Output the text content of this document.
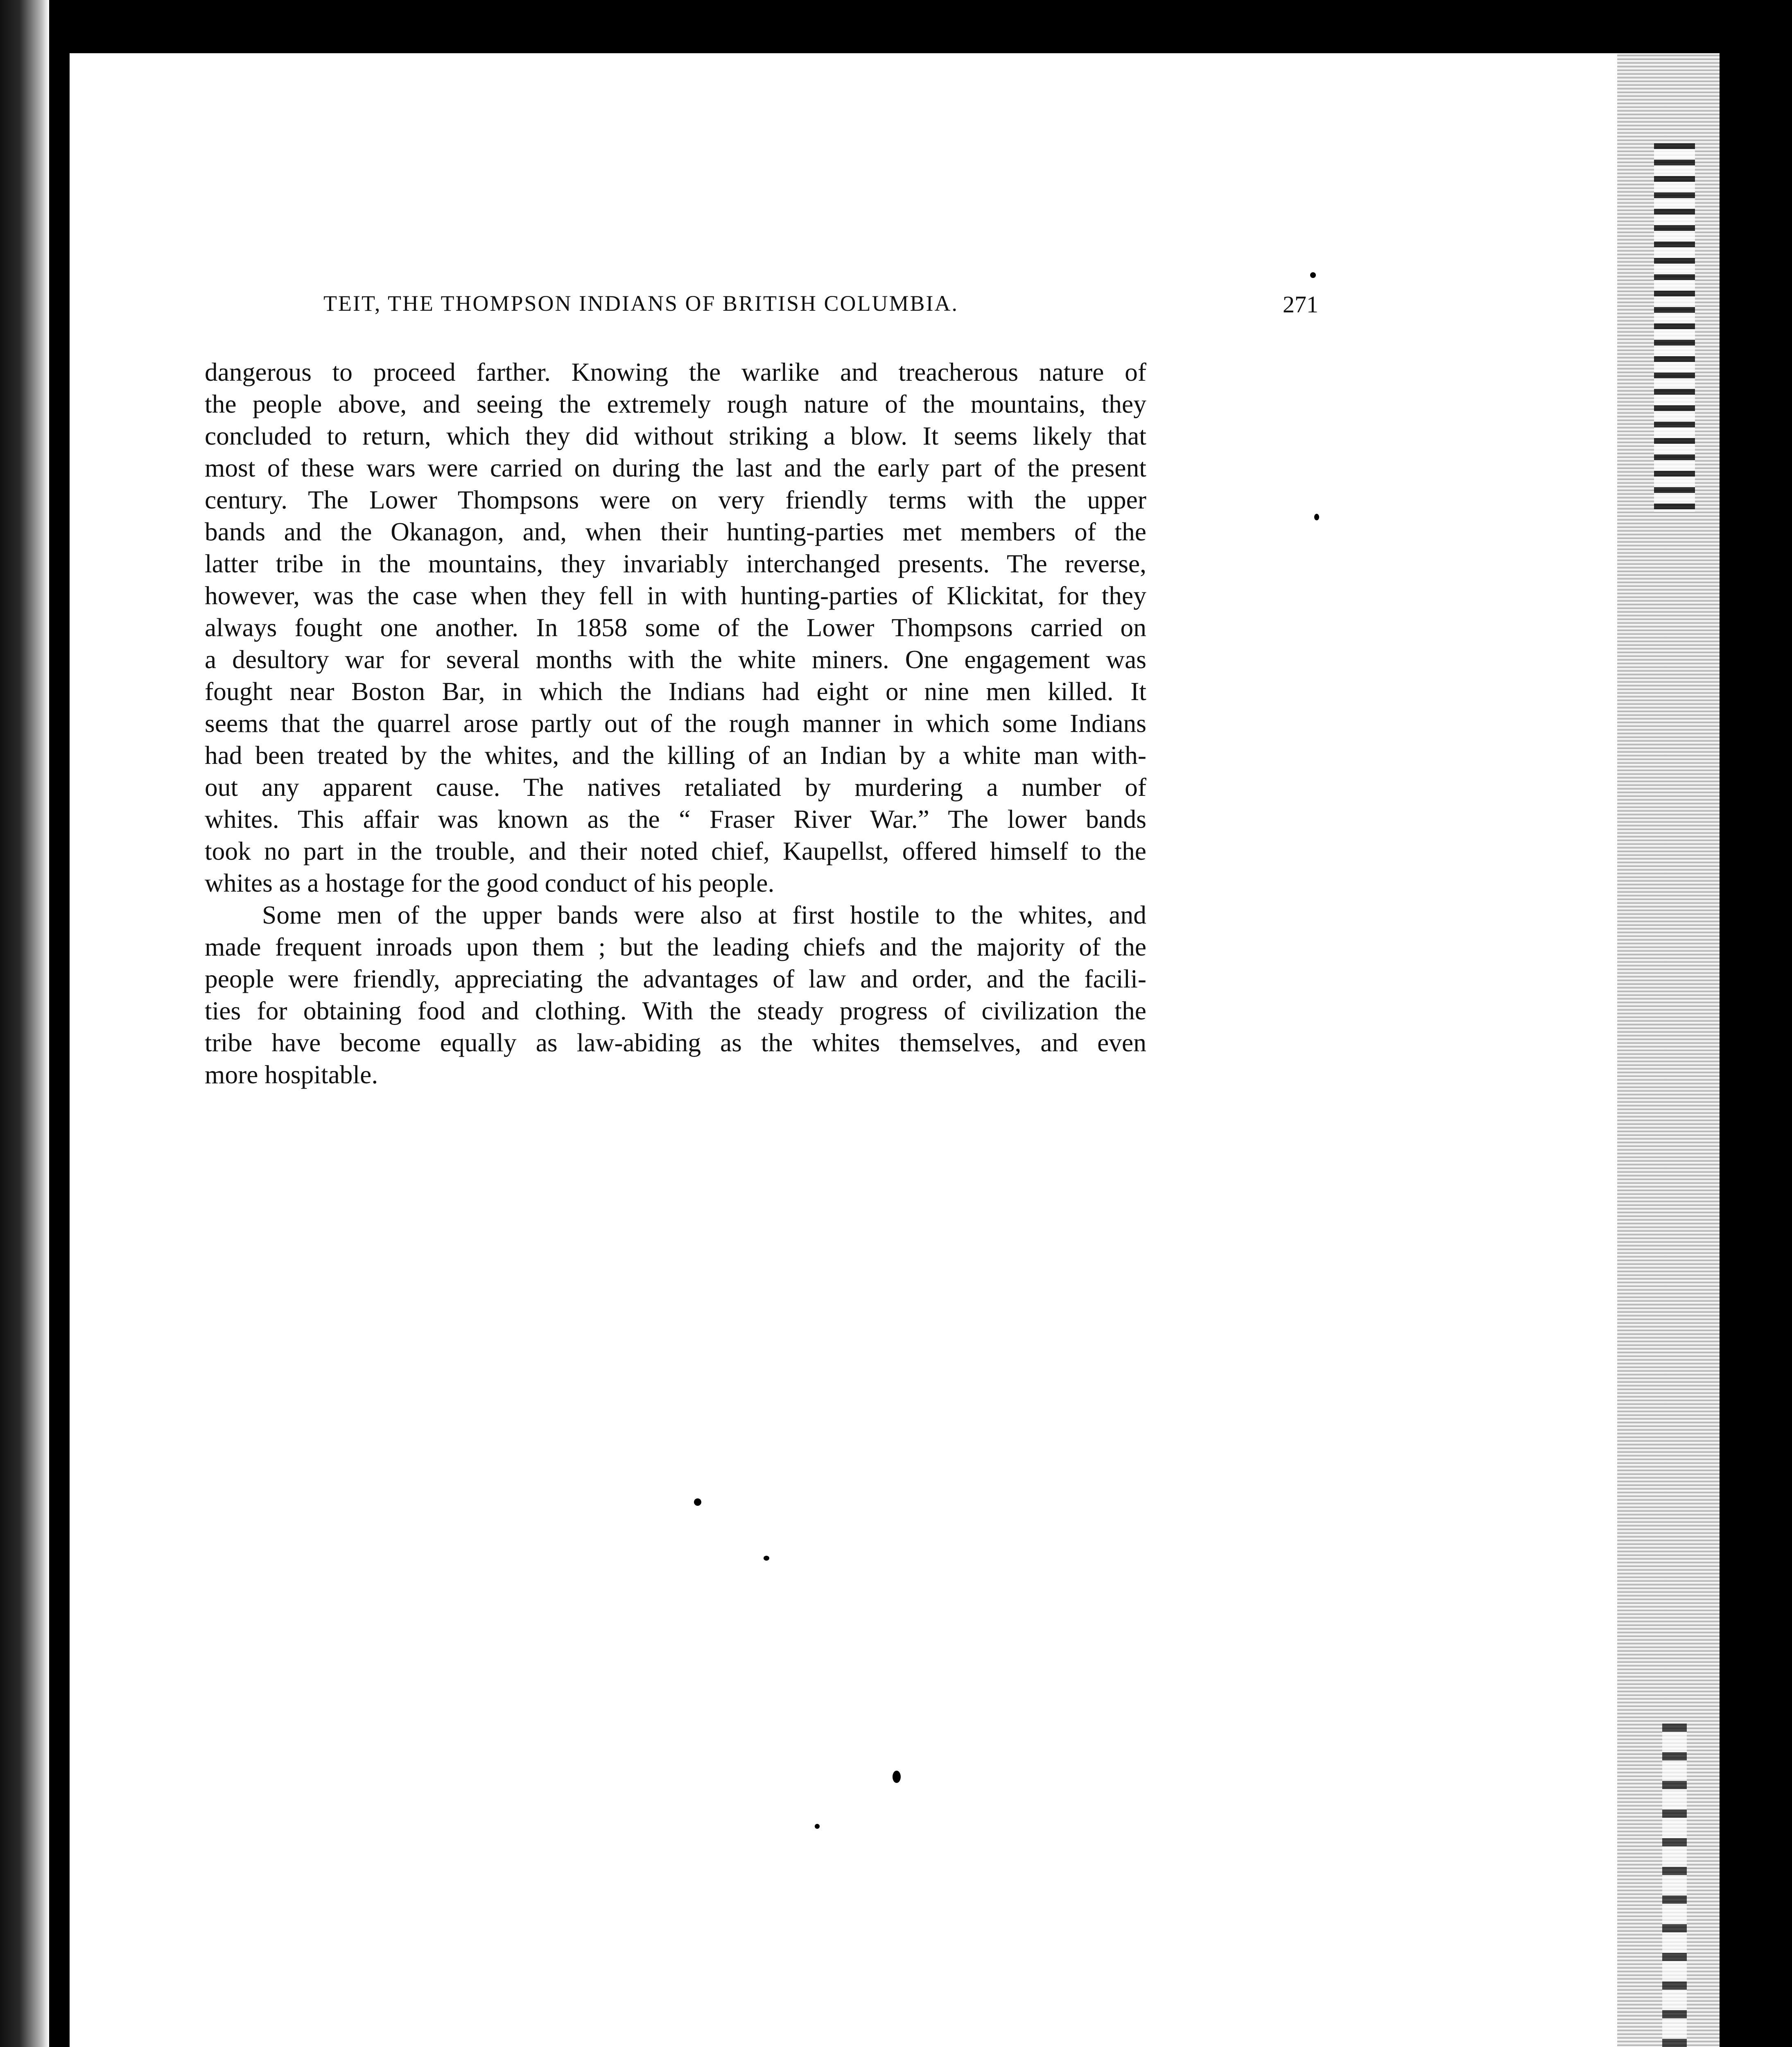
TEIT, THE THOMPSON INDIANS OF BRITISH COLUMBIA.	271
dangerous to proceed farther. Knowing the warlike and treacherous nature of
the people above, and seeing the extremely rough nature of the mountains, they
concluded to return, which they did without striking a blow. It seems likely that
most of these wars were carried on during the last and the early part of the present
century. The Lower Thompsons were on very friendly terms with the upper
bands and the Okanagon, and, when their hunting-parties met members of the
latter tribe in the mountains, they invariably interchanged presents. The reverse,
however, was the case when they fell in with hunting-parties of Klickitat, for they
always fought one another. In 1858 some of the Lower Thompsons carried on
a desultory war for several months with the white miners. One engagement was
fought near Boston Bar, in which the Indians had eight or nine men killed. It
seems that the quarrel arose partly out of the rough manner in which some Indians
had been treated by the whites, and the killing of an Indian by a white man with-
out any apparent cause. The natives retaliated by murdering a number of
whites. This affair was known as the “ Fraser River War.” The lower bands
took no part in the trouble, and their noted chief, Kaupellst, offered himself to the
whites as a hostage for the good conduct of his people.
Some men of the upper bands were also at first hostile to the whites, and
made frequent inroads upon them ; but the leading chiefs and the majority of the
people were friendly, appreciating the advantages of law and order, and the facili-
ties for obtaining food and clothing. With the steady progress of civilization the
tribe have become equally as law-abiding as the whites themselves, and even
more hospitable.
